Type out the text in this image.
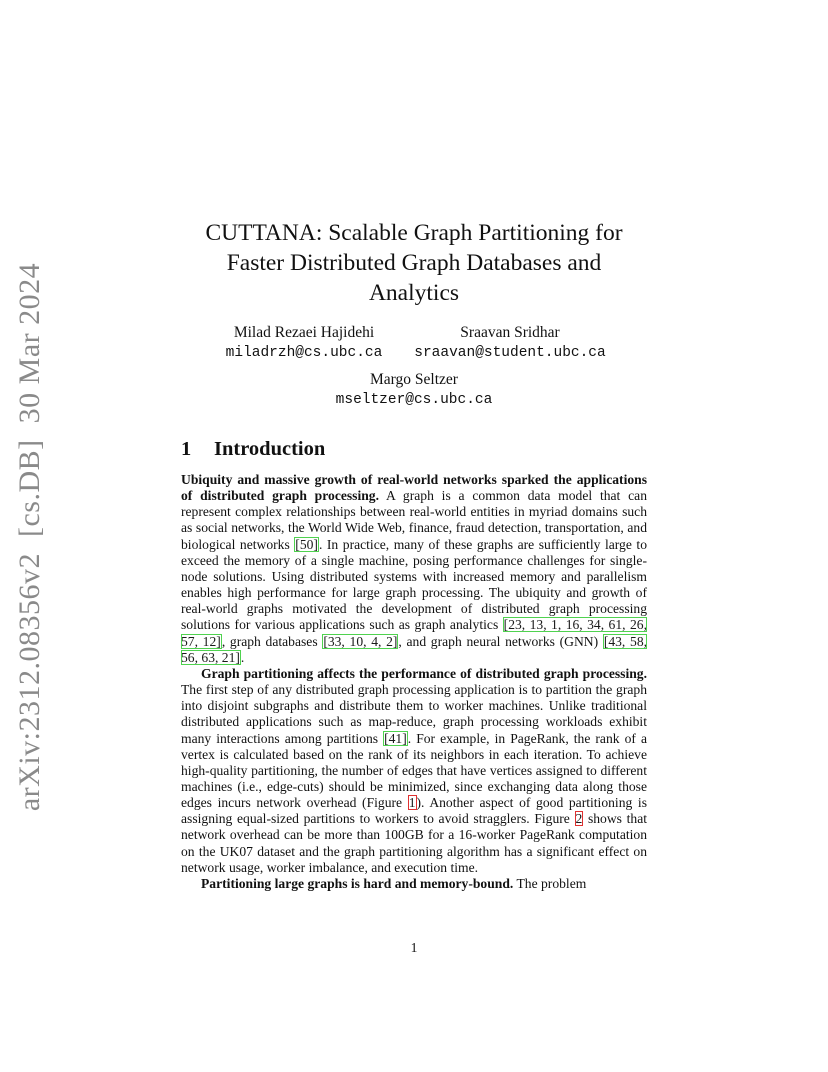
arXiv:2312.08356v2[cs.DB]30 Mar 2024
CUTTANA: Scalable Graph Partitioning for
Faster Distributed Graph Databases and
Analytics
Milad Rezaei Hajidehi
miladrzh@cs.ubc.ca
Sraavan Sridhar
sraavan@student.ubc.ca
Margo Seltzer
mseltzer@cs.ubc.ca
1 Introduction

Ubiquity and massive growth of real-world networks sparked the applications of distributed graph processing. A graph is a common data model that can represent complex relationships between real-world entities in myriad domains such as social networks, the World Wide Web, finance, fraud detection, transportation, and biological networks [50]. In practice, many of these graphs are sufficiently large to exceed the memory of a single machine, posing performance challenges for single-node solutions. Using distributed systems with increased memory and parallelism enables high performance for large graph processing. The ubiquity and growth of real-world graphs motivated the development of distributed graph processing solutions for various applications such as graph analytics [23, 13, 1, 16, 34, 61, 26, 57, 12], graph databases [33, 10, 4, 2], and graph neural networks (GNN) [43, 58, 56, 63, 21].

Graph partitioning affects the performance of distributed graph processing. The first step of any distributed graph processing application is to partition the graph into disjoint subgraphs and distribute them to worker machines. Unlike traditional distributed applications such as map-reduce, graph processing workloads exhibit many interactions among partitions [41]. For example, in PageRank, the rank of a vertex is calculated based on the rank of its neighbors in each iteration. To achieve high-quality partitioning, the number of edges that have vertices assigned to different machines (i.e., edge-cuts) should be minimized, since exchanging data along those edges incurs network overhead (Figure 1). Another aspect of good partitioning is assigning equal-sized partitions to workers to avoid stragglers. Figure 2 shows that network overhead can be more than 100GB for a 16-worker PageRank computation on the UK07 dataset and the graph partitioning algorithm has a significant effect on network usage, worker imbalance, and execution time.

Partitioning large graphs is hard and memory-bound. The problem

1
